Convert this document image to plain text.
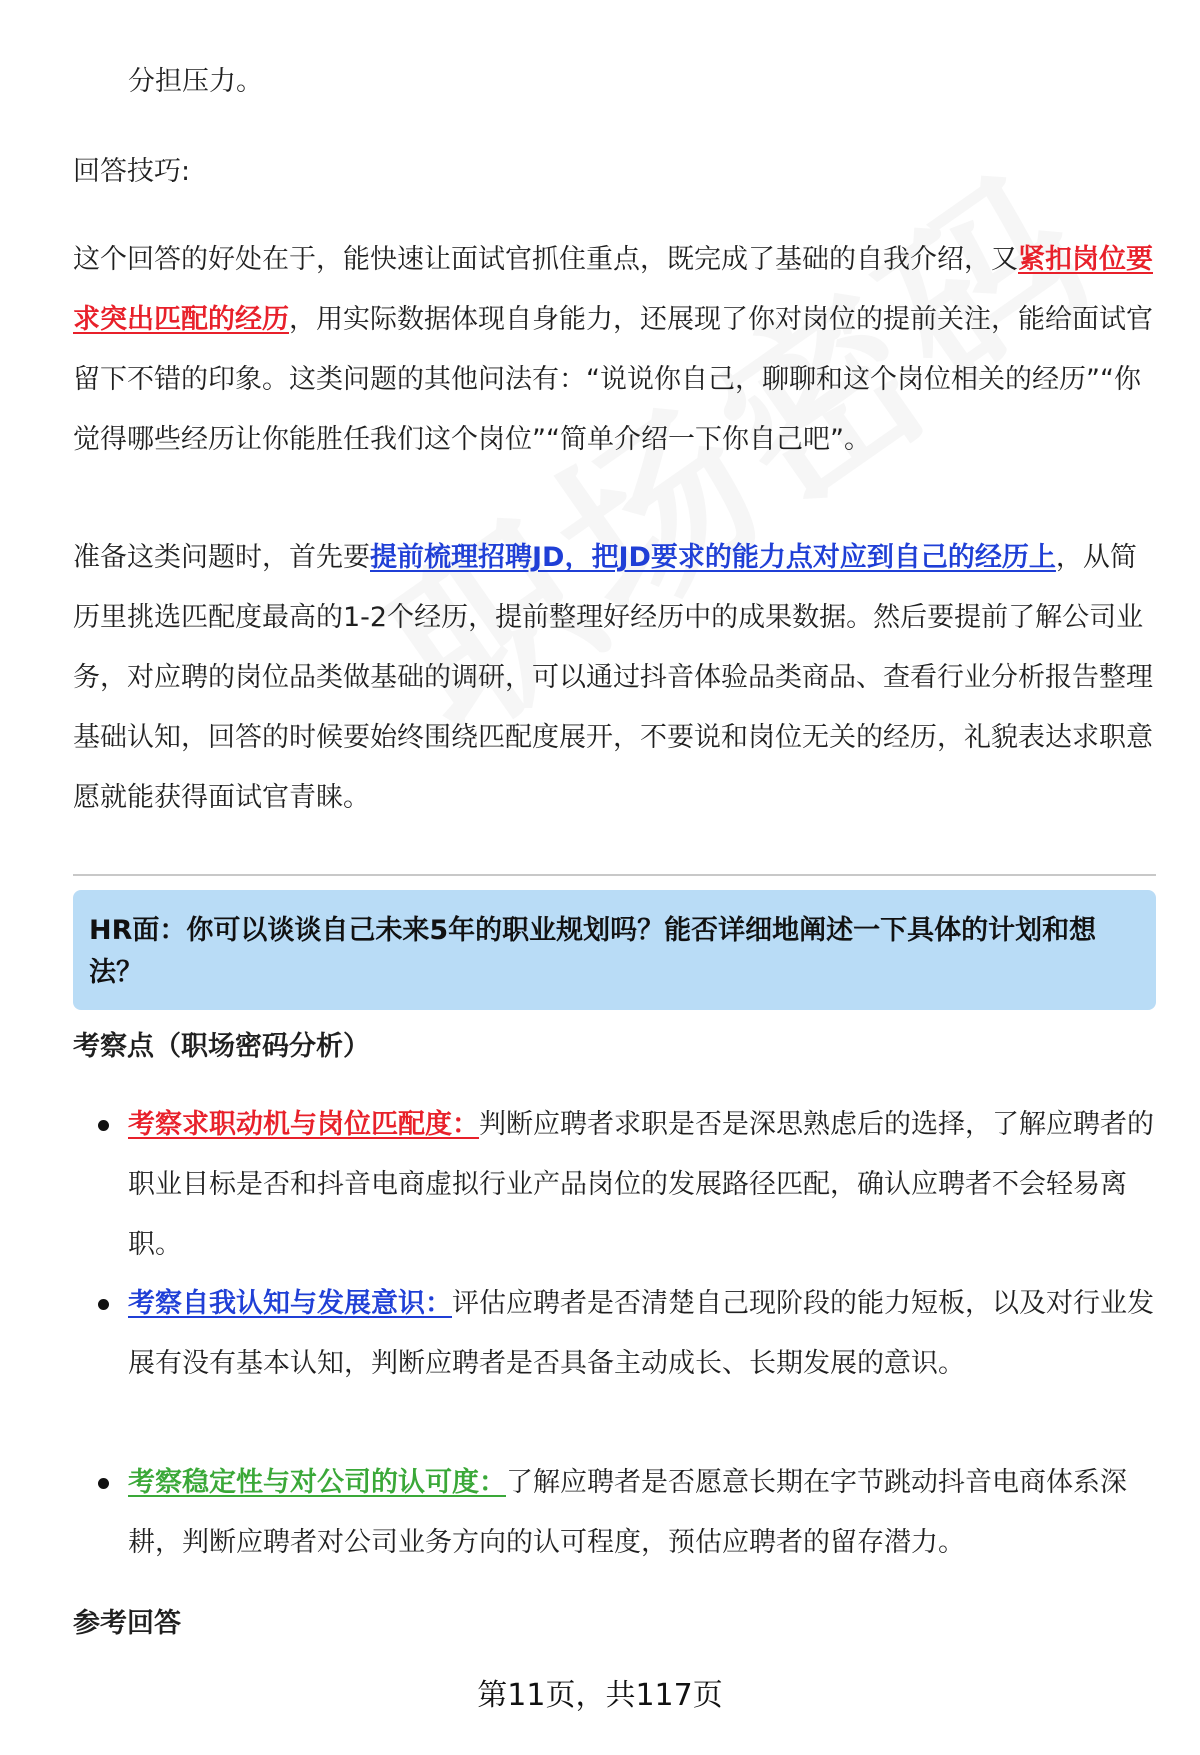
分担压力。

回答技巧:

这个回答的好处在于，能快速让面试官抓住重点，既完成了基础的自我介绍，又紧扣岗位要求突出匹配的经历，用实际数据体现自身能力，还展现了你对岗位的提前关注，能给面试官留下不错的印象。这类问题的其他问法有：“说说你自己，聊聊和这个岗位相关的经历”“你觉得哪些经历让你能胜任我们这个岗位”“简单介绍一下你自己吧”。

准备这类问题时，首先要提前梳理招聘JD，把JD要求的能力点对应到自己的经历上，从简历里挑选匹配度最高的1-2个经历，提前整理好经历中的成果数据。然后要提前了解公司业务，对应聘的岗位品类做基础的调研，可以通过抖音体验品类商品、查看行业分析报告整理基础认知，回答的时候要始终围绕匹配度展开，不要说和岗位无关的经历，礼貌表达求职意愿就能获得面试官青睐。

HR面：你可以谈谈自己未来5年的职业规划吗？能否详细地阐述一下具体的计划和想法？

考察点（职场密码分析）

考察求职动机与岗位匹配度：判断应聘者求职是否是深思熟虑后的选择，了解应聘者的职业目标是否和抖音电商虚拟行业产品岗位的发展路径匹配，确认应聘者不会轻易离职。
考察自我认知与发展意识：评估应聘者是否清楚自己现阶段的能力短板，以及对行业发展有没有基本认知，判断应聘者是否具备主动成长、长期发展的意识。
考察稳定性与对公司的认可度：了解应聘者是否愿意长期在字节跳动抖音电商体系深耕，判断应聘者对公司业务方向的认可程度，预估应聘者的留存潜力。

参考回答

第11页，共117页
